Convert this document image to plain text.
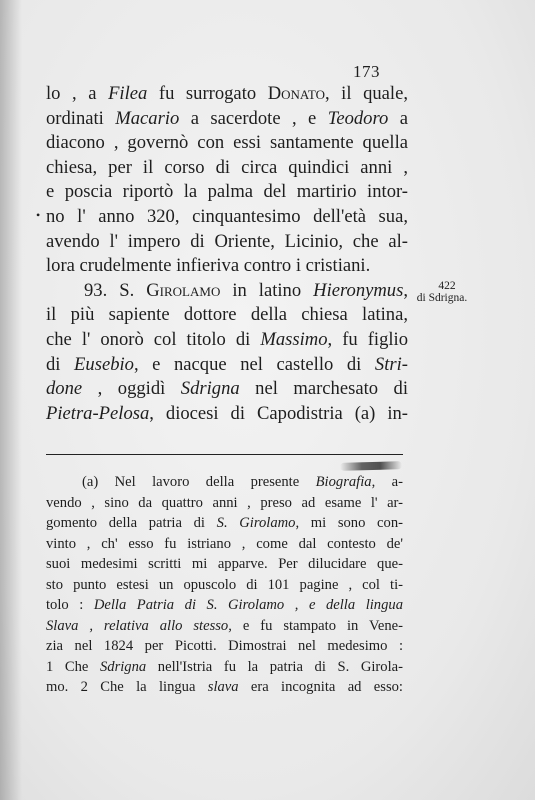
173
•
lo , a Filea fu surrogato Donato, il quale,
ordinati Macario a sacerdote , e Teodoro a
diacono , governò con essi santamente quella
chiesa, per il corso di circa quindici anni ,
e poscia riportò la palma del martirio intor-
no l' anno 320, cinquantesimo dell'età sua,
avendo l' impero di Oriente, Licinio, che al-
lora crudelmente infieriva contro i cristiani.
93. S. Girolamo in latino Hieronymus,
il più sapiente dottore della chiesa latina,
che l' onorò col titolo di Massimo, fu figlio
di Eusebio, e nacque nel castello di Stri-
done , oggidì Sdrigna nel marchesato di
Pietra-Pelosa, diocesi di Capodistria (a) in-
422
di Sdrigna.
(a) Nel lavoro della presente Biografia, a-
vendo , sino da quattro anni , preso ad esame l' ar-
gomento della patria di S. Girolamo, mi sono con-
vinto , ch' esso fu istriano , come dal contesto de'
suoi medesimi scritti mi apparve. Per dilucidare que-
sto punto estesi un opuscolo di 101 pagine , col ti-
tolo : Della Patria di S. Girolamo , e della lingua
Slava , relativa allo stesso, e fu stampato in Vene-
zia nel 1824 per Picotti. Dimostrai nel medesimo :
1 Che Sdrigna nell'Istria fu la patria di S. Girola-
mo. 2 Che la lingua slava era incognita ad esso:
